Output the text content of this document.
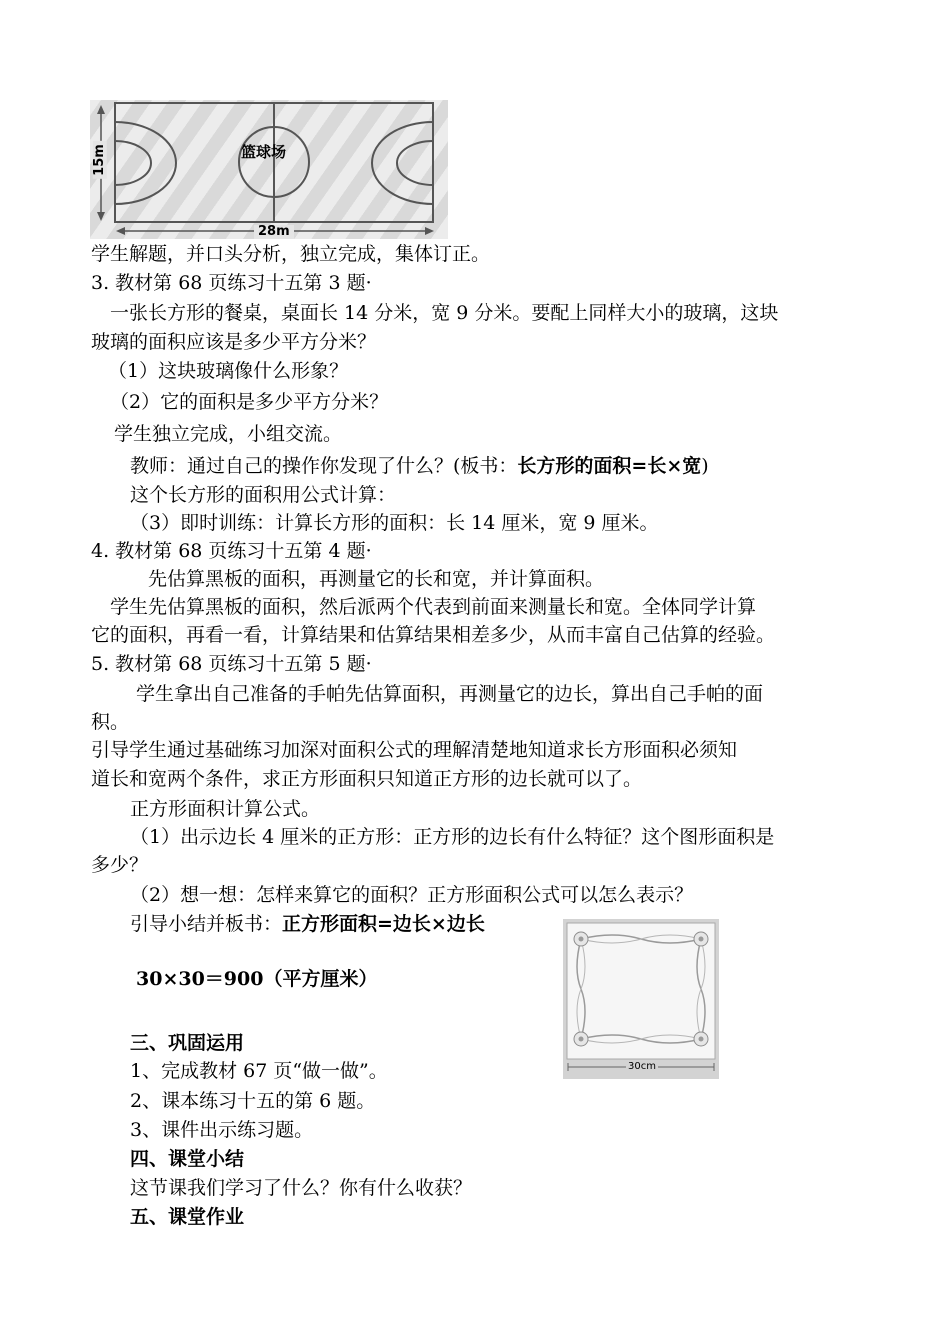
篮球场
28m
15m
30cm
学生解题，并口头分析，独立完成，集体订正。
3. 教材第 68 页练习十五第 3 题·
　一张长方形的餐桌，桌面长 14 分米，宽 9 分米。要配上同样大小的玻璃，这块
玻璃的面积应该是多少平方分米？
（1）这块玻璃像什么形象？
（2）它的面积是多少平方分米？
学生独立完成，小组交流。
教师：通过自己的操作你发现了什么？(板书：长方形的面积=长×宽)
这个长方形的面积用公式计算：
（3）即时训练：计算长方形的面积：长 14 厘米，宽 9 厘米。
4. 教材第 68 页练习十五第 4 题·
先估算黑板的面积，再测量它的长和宽，并计算面积。
　学生先估算黑板的面积，然后派两个代表到前面来测量长和宽。全体同学计算
它的面积，再看一看，计算结果和估算结果相差多少，从而丰富自己估算的经验。
5. 教材第 68 页练习十五第 5 题·
学生拿出自己准备的手帕先估算面积，再测量它的边长，算出自己手帕的面
积。
引导学生通过基础练习加深对面积公式的理解清楚地知道求长方形面积必须知
道长和宽两个条件，求正方形面积只知道正方形的边长就可以了。
正方形面积计算公式。
（1）出示边长 4 厘米的正方形：正方形的边长有什么特征？这个图形面积是
多少？
（2）想一想：怎样来算它的面积？正方形面积公式可以怎么表示？
引导小结并板书：正方形面积=边长×边长
30×30＝900（平方厘米）
三、巩固运用
1、完成教材 67 页“做一做”。
2、课本练习十五的第 6 题。
3、课件出示练习题。
四、课堂小结
这节课我们学习了什么？你有什么收获？
五、课堂作业
